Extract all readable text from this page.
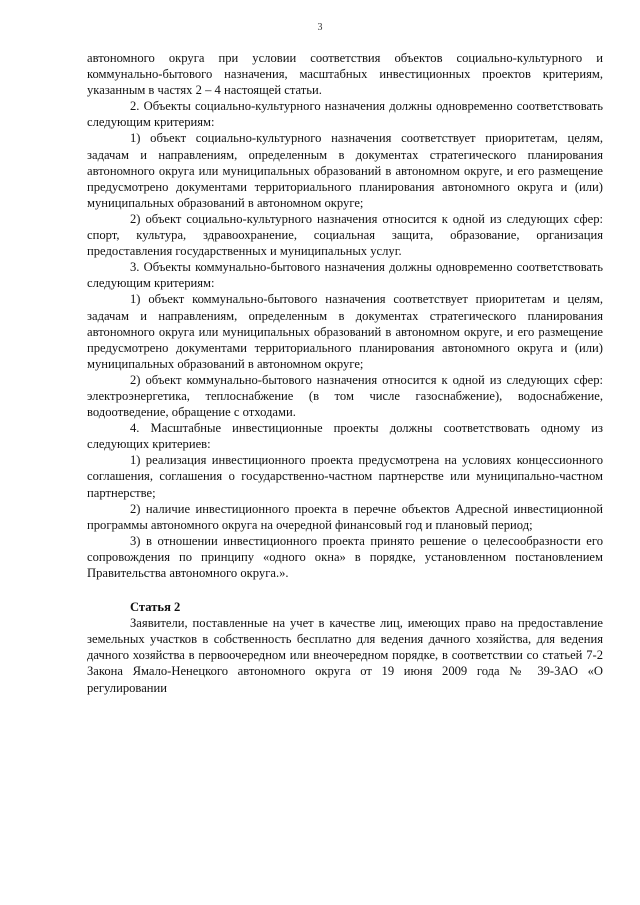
3

автономного округа при условии соответствия объектов социально-культурного и коммунально-бытового назначения, масштабных инвестиционных проектов критериям, указанным в частях 2 – 4 настоящей статьи.

2. Объекты социально-культурного назначения должны одновременно соответствовать следующим критериям:

1) объект социально-культурного назначения соответствует приоритетам, целям, задачам и направлениям, определенным в документах стратегического планирования автономного округа или муниципальных образований в автономном округе, и его размещение предусмотрено документами территориального планирования автономного округа и (или) муниципальных образований в автономном округе;

2) объект социально-культурного назначения относится к одной из следующих сфер: спорт, культура, здравоохранение, социальная защита, образование, организация предоставления государственных и муниципальных услуг.

3. Объекты коммунально-бытового назначения должны одновременно соответствовать следующим критериям:

1) объект коммунально-бытового назначения соответствует приоритетам и целям, задачам и направлениям, определенным в документах стратегического планирования автономного округа или муниципальных образований в автономном округе, и его размещение предусмотрено документами территориального планирования автономного округа и (или) муниципальных образований в автономном округе;

2) объект коммунально-бытового назначения относится к одной из следующих сфер: электроэнергетика, теплоснабжение (в том числе газоснабжение), водоснабжение, водоотведение, обращение с отходами.

4. Масштабные инвестиционные проекты должны соответствовать одному из следующих критериев:

1) реализация инвестиционного проекта предусмотрена на условиях концессионного соглашения, соглашения о государственно-частном партнерстве или муниципально-частном партнерстве;

2) наличие инвестиционного проекта в перечне объектов Адресной инвестиционной программы автономного округа на очередной финансовый год и плановый период;

3) в отношении инвестиционного проекта принято решение о целесообразности его сопровождения по принципу «одного окна» в порядке, установленном постановлением Правительства автономного округа.».

Статья 2

Заявители, поставленные на учет в качестве лиц, имеющих право на предоставление земельных участков в собственность бесплатно для ведения дачного хозяйства, для ведения дачного хозяйства в первоочередном или внеочередном порядке, в соответствии со статьей 7-2 Закона Ямало-Ненецкого автономного округа от 19 июня 2009 года № 39-ЗАО «О регулировании
